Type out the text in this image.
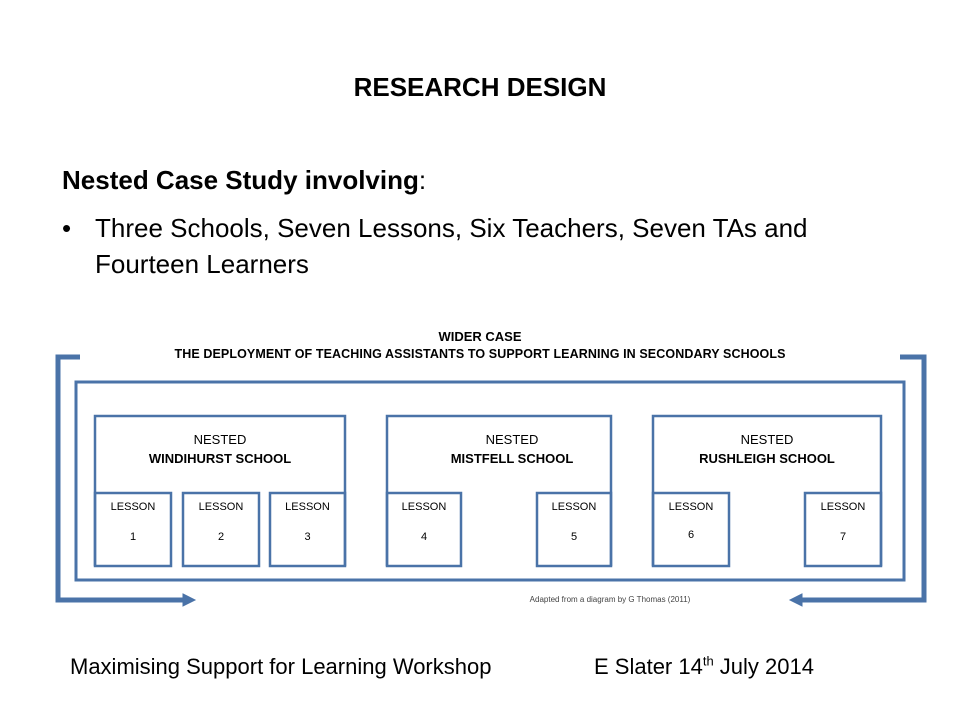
RESEARCH DESIGN
Nested Case Study involving:
• Three Schools, Seven Lessons, Six Teachers, Seven TAs and Fourteen Learners
WIDER CASE
THE DEPLOYMENT OF TEACHING ASSISTANTS TO SUPPORT LEARNING IN SECONDARY SCHOOLS
NESTED
WINDIHURST SCHOOL
NESTED
MISTFELL SCHOOL
NESTED
RUSHLEIGH SCHOOL
LESSON
1
LESSON
2
LESSON
3
LESSON
4
LESSON
5
LESSON
6
LESSON
7
Adapted from a diagram by G Thomas (2011)
Maximising Support for Learning Workshop	E Slater 14th July 2014
